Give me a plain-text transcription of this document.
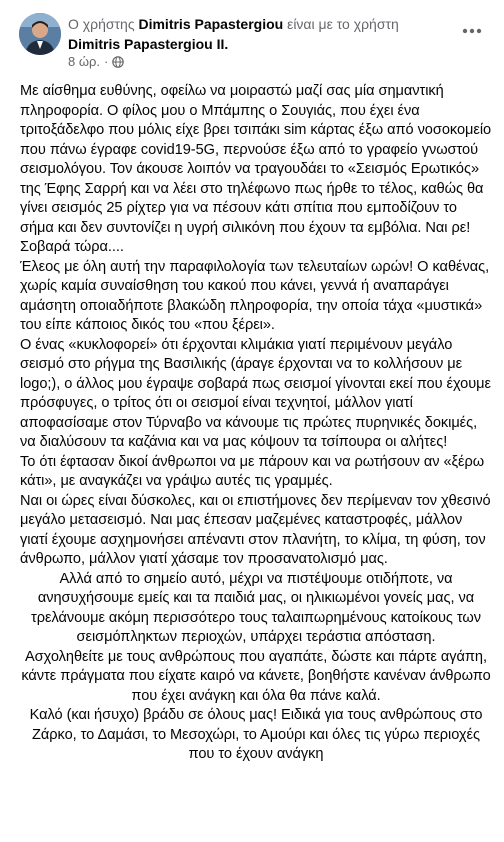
Ο χρήστης Dimitris Papastergiou είναι με το χρήστη
Dimitris Papastergiou II.
8 ώρ. ·

Με αίσθημα ευθύνης, οφείλω να μοιραστώ μαζί σας μία σημαντική πληροφορία. Ο φίλος μου ο Μπάμπης ο Σουγιάς, που έχει ένα τριτοξάδελφο που μόλις είχε βρει τσιπάκι sim κάρτας έξω από νοσοκομείο που πάνω έγραφε covid19-5G, περνούσε έξω από το γραφείο γνωστού σεισμολόγου. Τον άκουσε λοιπόν να τραγουδάει το «Σεισμός Ερωτικός» της Έφης Σαρρή και να λέει στο τηλέφωνο πως ήρθε το τέλος, καθώς θα γίνει σεισμός 25 ρίχτερ για να πέσουν κάτι σπίτια που εμποδίζουν το σήμα και δεν συντονίζει η υγρή σιλικόνη που έχουν τα εμβόλια. Ναι ρε!

Σοβαρά τώρα....

Έλεος με όλη αυτή την παραφιλολογία των τελευταίων ωρών! Ο καθένας, χωρίς καμία συναίσθηση του κακού που κάνει, γεννά ή αναπαράγει αμάσητη οποιαδήποτε βλακώδη πληροφορία, την οποία τάχα «μυστικά» του είπε κάποιος δικός του «που ξέρει».

Ο ένας «κυκλοφορεί» ότι έρχονται κλιμάκια γιατί περιμένουν μεγάλο σεισμό στο ρήγμα της Βασιλικής (άραγε έρχονται να το κολλήσουν με logo;), ο άλλος μου έγραψε σοβαρά πως σεισμοί γίνονται εκεί που έχουμε πρόσφυγες, ο τρίτος ότι οι σεισμοί είναι τεχνητοί, μάλλον γιατί αποφασίσαμε στον Τύρναβο να κάνουμε τις πρώτες πυρηνικές δοκιμές, να διαλύσουν τα καζάνια και να μας κόψουν τα τσίπουρα οι αλήτες!

Το ότι έφτασαν δικοί άνθρωποι να με πάρουν και να ρωτήσουν αν «ξέρω κάτι», με αναγκάζει να γράψω αυτές τις γραμμές.

Ναι οι ώρες είναι δύσκολες, και οι επιστήμονες δεν περίμεναν τον χθεσινό μεγάλο μετασεισμό. Ναι μας έπεσαν μαζεμένες καταστροφές, μάλλον γιατί έχουμε ασχημονήσει απέναντι στον πλανήτη, το κλίμα, τη φύση, τον άνθρωπο, μάλλον γιατί χάσαμε τον προσανατολισμό μας.

Αλλά από το σημείο αυτό, μέχρι να πιστέψουμε οτιδήποτε, να ανησυχήσουμε εμείς και τα παιδιά μας, οι ηλικιωμένοι γονείς μας, να τρελάνουμε ακόμη περισσότερο τους ταλαιπωρημένους κατοίκους των σεισμόπληκτων περιοχών, υπάρχει τεράστια απόσταση.

Ασχοληθείτε με τους ανθρώπους που αγαπάτε, δώστε και πάρτε αγάπη, κάντε πράγματα που είχατε καιρό να κάνετε, βοηθήστε κανέναν άνθρωπο που έχει ανάγκη και όλα θα πάνε καλά.

Καλό (και ήσυχο) βράδυ σε όλους μας! Ειδικά για τους ανθρώπους στο Ζάρκο, το Δαμάσι, το Μεσοχώρι, το Αμούρι και όλες τις γύρω περιοχές που το έχουν ανάγκη
